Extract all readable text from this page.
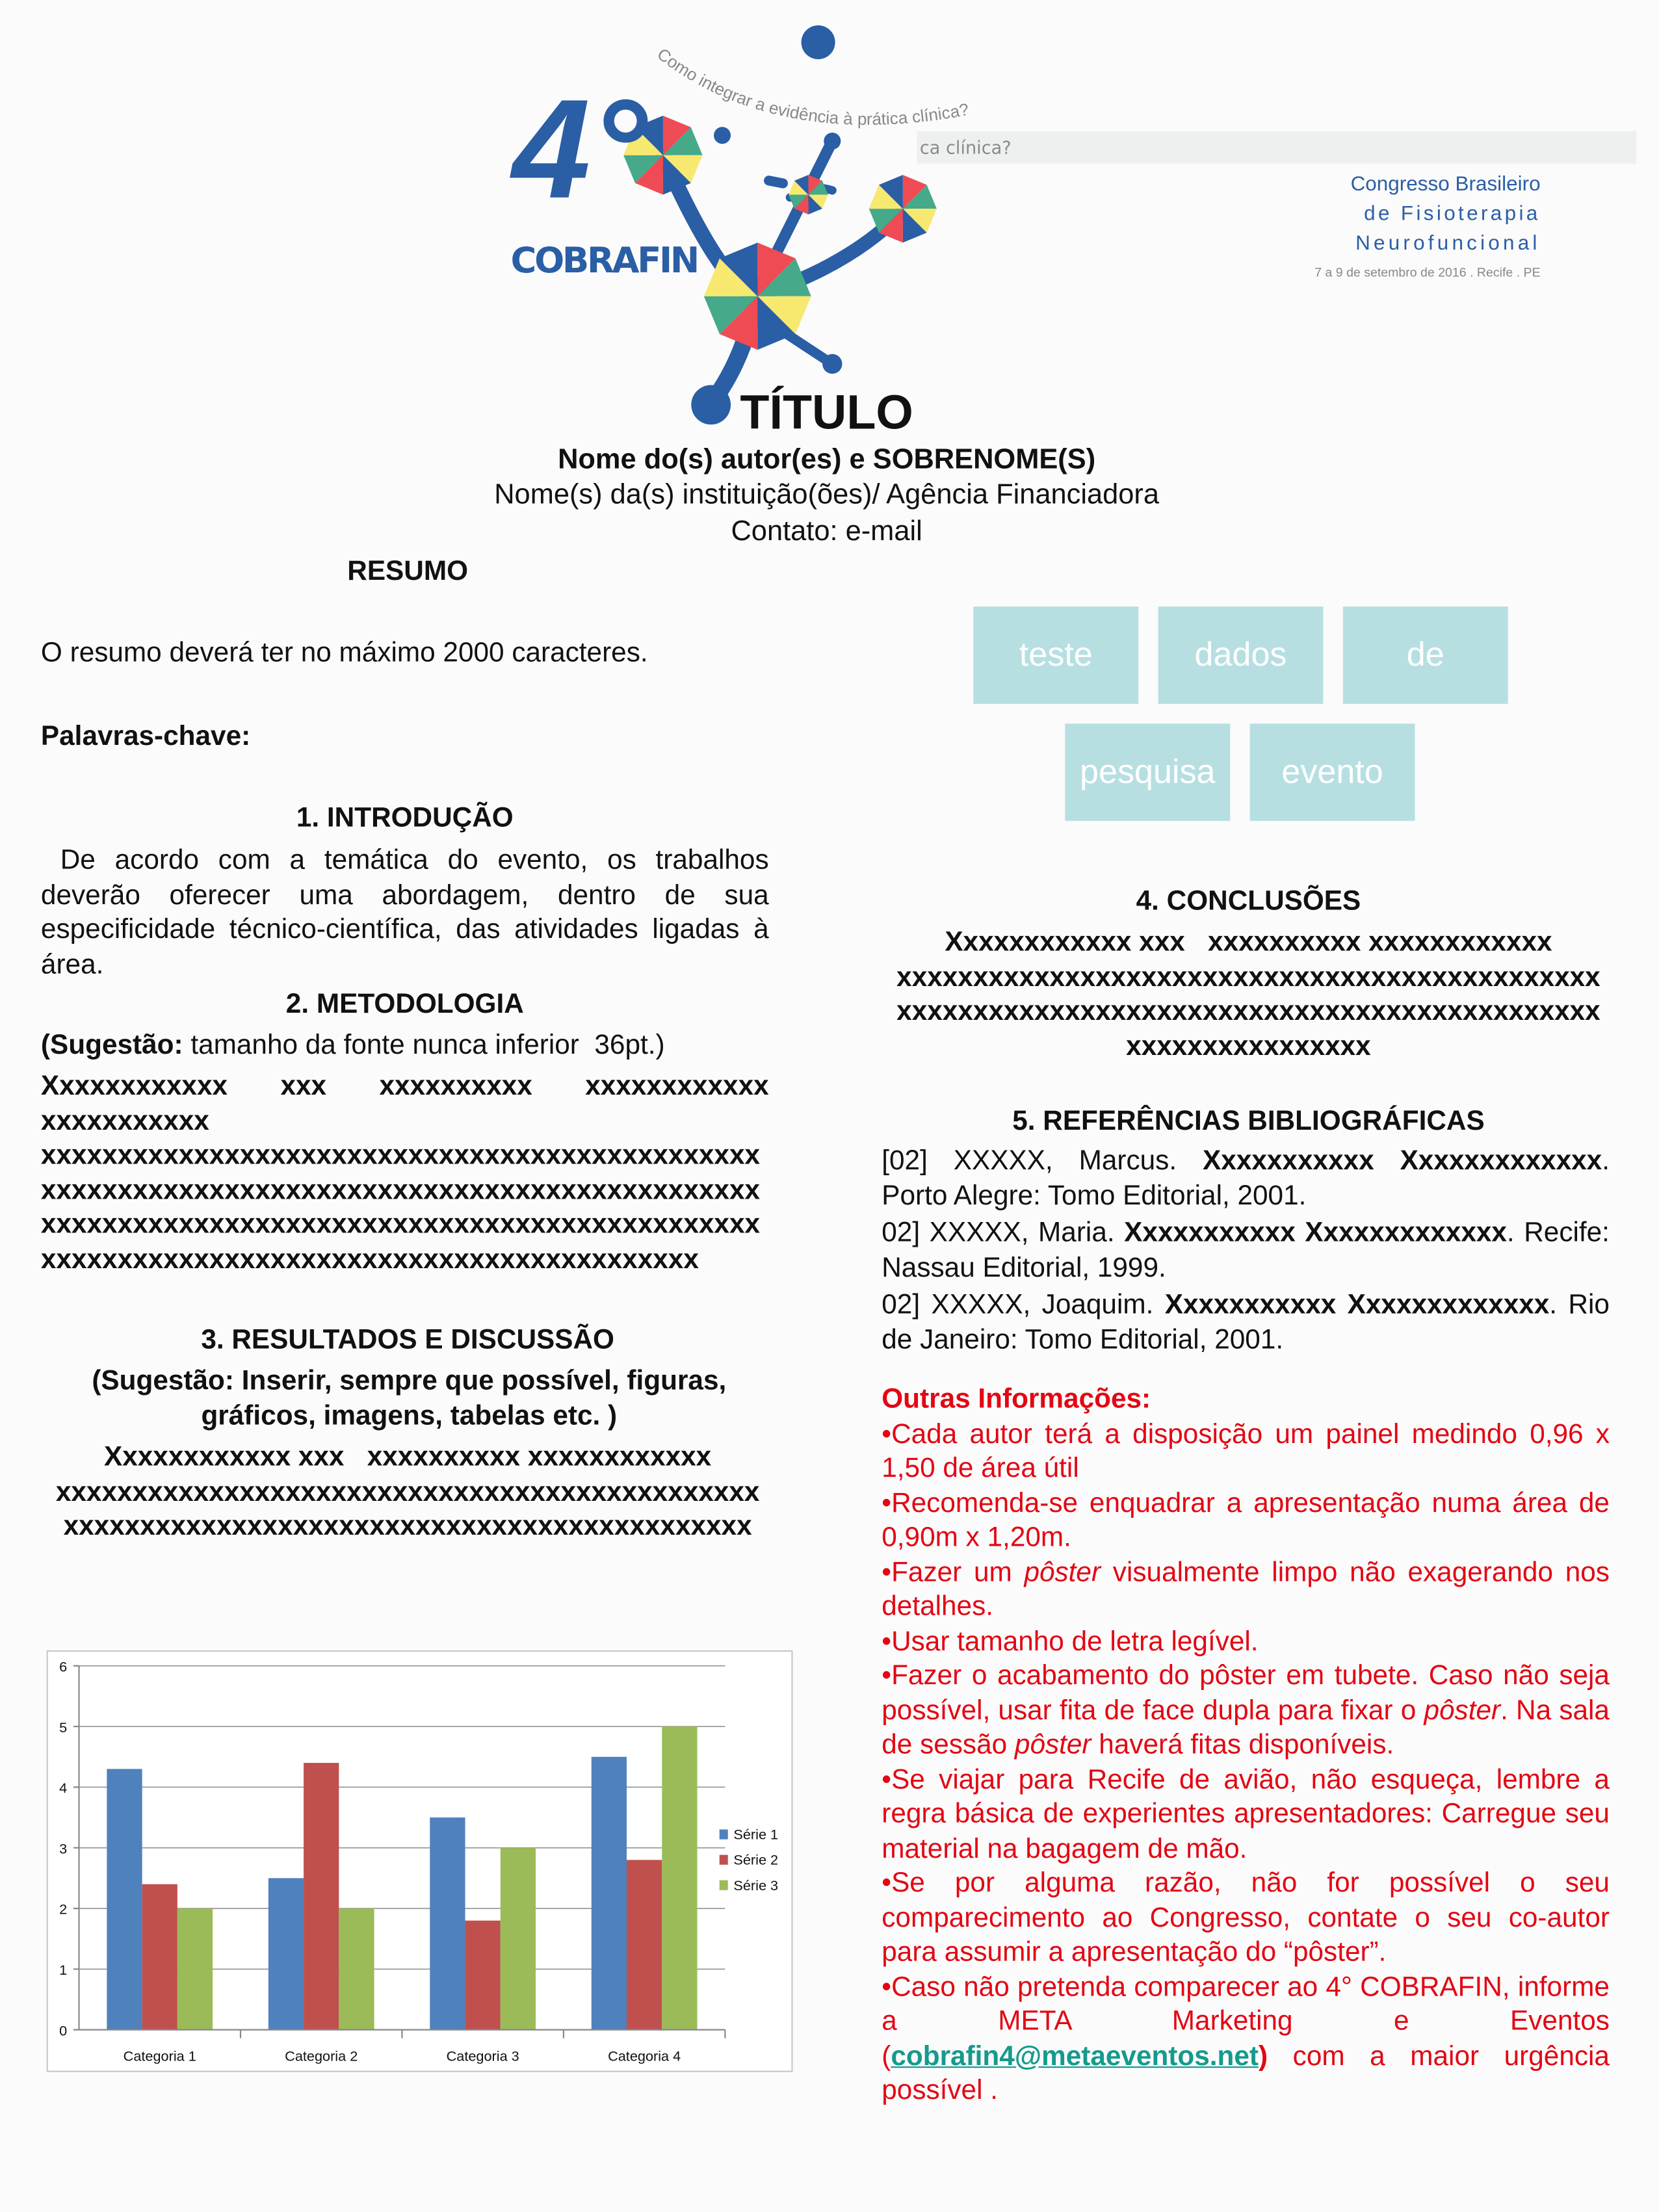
4°
COBRAFIN
Como integrar a evidência à prática clínica?
ca clínica?
Congresso Brasileiro
de Fisioterapia
Neurofuncional
7 a 9 de setembro de 2016 . Recife . PE
TÍTULO
Nome do(s) autor(es) e SOBRENOME(S)
Nome(s) da(s) instituição(ões)/ Agência Financiadora
Contato: e-mail
RESUMO
O resumo deverá ter no máximo 2000 caracteres.
Palavras-chave:
1. INTRODUÇÃO
De acordo com a temática do evento, os trabalhos deverão oferecer uma abordagem, dentro de sua especificidade técnico-científica, das atividades ligadas à área.
2. METODOLOGIA
(Sugestão: tamanho da fonte nunca inferior  36pt.)
Xxxxxxxxxxxx xxx xxxxxxxxxx xxxxxxxxxxxx
xxxxxxxxxxx
xxxxxxxxxxxxxxxxxxxxxxxxxxxxxxxxxxxxxxxxxxxxxxx
xxxxxxxxxxxxxxxxxxxxxxxxxxxxxxxxxxxxxxxxxxxxxxx
xxxxxxxxxxxxxxxxxxxxxxxxxxxxxxxxxxxxxxxxxxxxxxx
xxxxxxxxxxxxxxxxxxxxxxxxxxxxxxxxxxxxxxxxxxx
3. RESULTADOS E DISCUSSÃO
(Sugestão: Inserir, sempre que possível, figuras, gráficos, imagens, tabelas etc. )
Xxxxxxxxxxxx xxx   xxxxxxxxxx xxxxxxxxxxxx
xxxxxxxxxxxxxxxxxxxxxxxxxxxxxxxxxxxxxxxxxxxxxx
xxxxxxxxxxxxxxxxxxxxxxxxxxxxxxxxxxxxxxxxxxxxx
0
1
2
3
4
5
6
Categoria 1	Categoria 2	Categoria 3	Categoria 4
Série 1
Série 2
Série 3
teste	dados	de
pesquisa	evento
4. CONCLUSÕES
Xxxxxxxxxxxx xxx   xxxxxxxxxx xxxxxxxxxxxx
xxxxxxxxxxxxxxxxxxxxxxxxxxxxxxxxxxxxxxxxxxxxxx
xxxxxxxxxxxxxxxxxxxxxxxxxxxxxxxxxxxxxxxxxxxxxx
xxxxxxxxxxxxxxxx
5. REFERÊNCIAS BIBLIOGRÁFICAS
[02] XXXXX, Marcus. Xxxxxxxxxxx Xxxxxxxxxxxxx. Porto Alegre: Tomo Editorial, 2001.
02] XXXXX, Maria. Xxxxxxxxxxx Xxxxxxxxxxxxx. Recife: Nassau Editorial, 1999.
02] XXXXX, Joaquim. Xxxxxxxxxxx Xxxxxxxxxxxxx. Rio de Janeiro: Tomo Editorial, 2001.
Outras Informações:
•Cada autor terá a disposição um painel medindo 0,96 x 1,50 de área útil
•Recomenda-se enquadrar a apresentação numa área de 0,90m x 1,20m.
•Fazer um pôster visualmente limpo não exagerando nos detalhes.
•Usar tamanho de letra legível.
•Fazer o acabamento do pôster em tubete. Caso não seja possível, usar fita de face dupla para fixar o pôster. Na sala de sessão pôster haverá fitas disponíveis.
•Se viajar para Recife de avião, não esqueça, lembre a regra básica de experientes apresentadores: Carregue seu material na bagagem de mão.
•Se por alguma razão, não for possível o seu comparecimento ao Congresso, contate o seu co-autor para assumir a apresentação do “pôster”.
•Caso não pretenda comparecer ao 4° COBRAFIN, informe a META Marketing e Eventos (cobrafin4@metaeventos.net) com a maior urgência possível .
